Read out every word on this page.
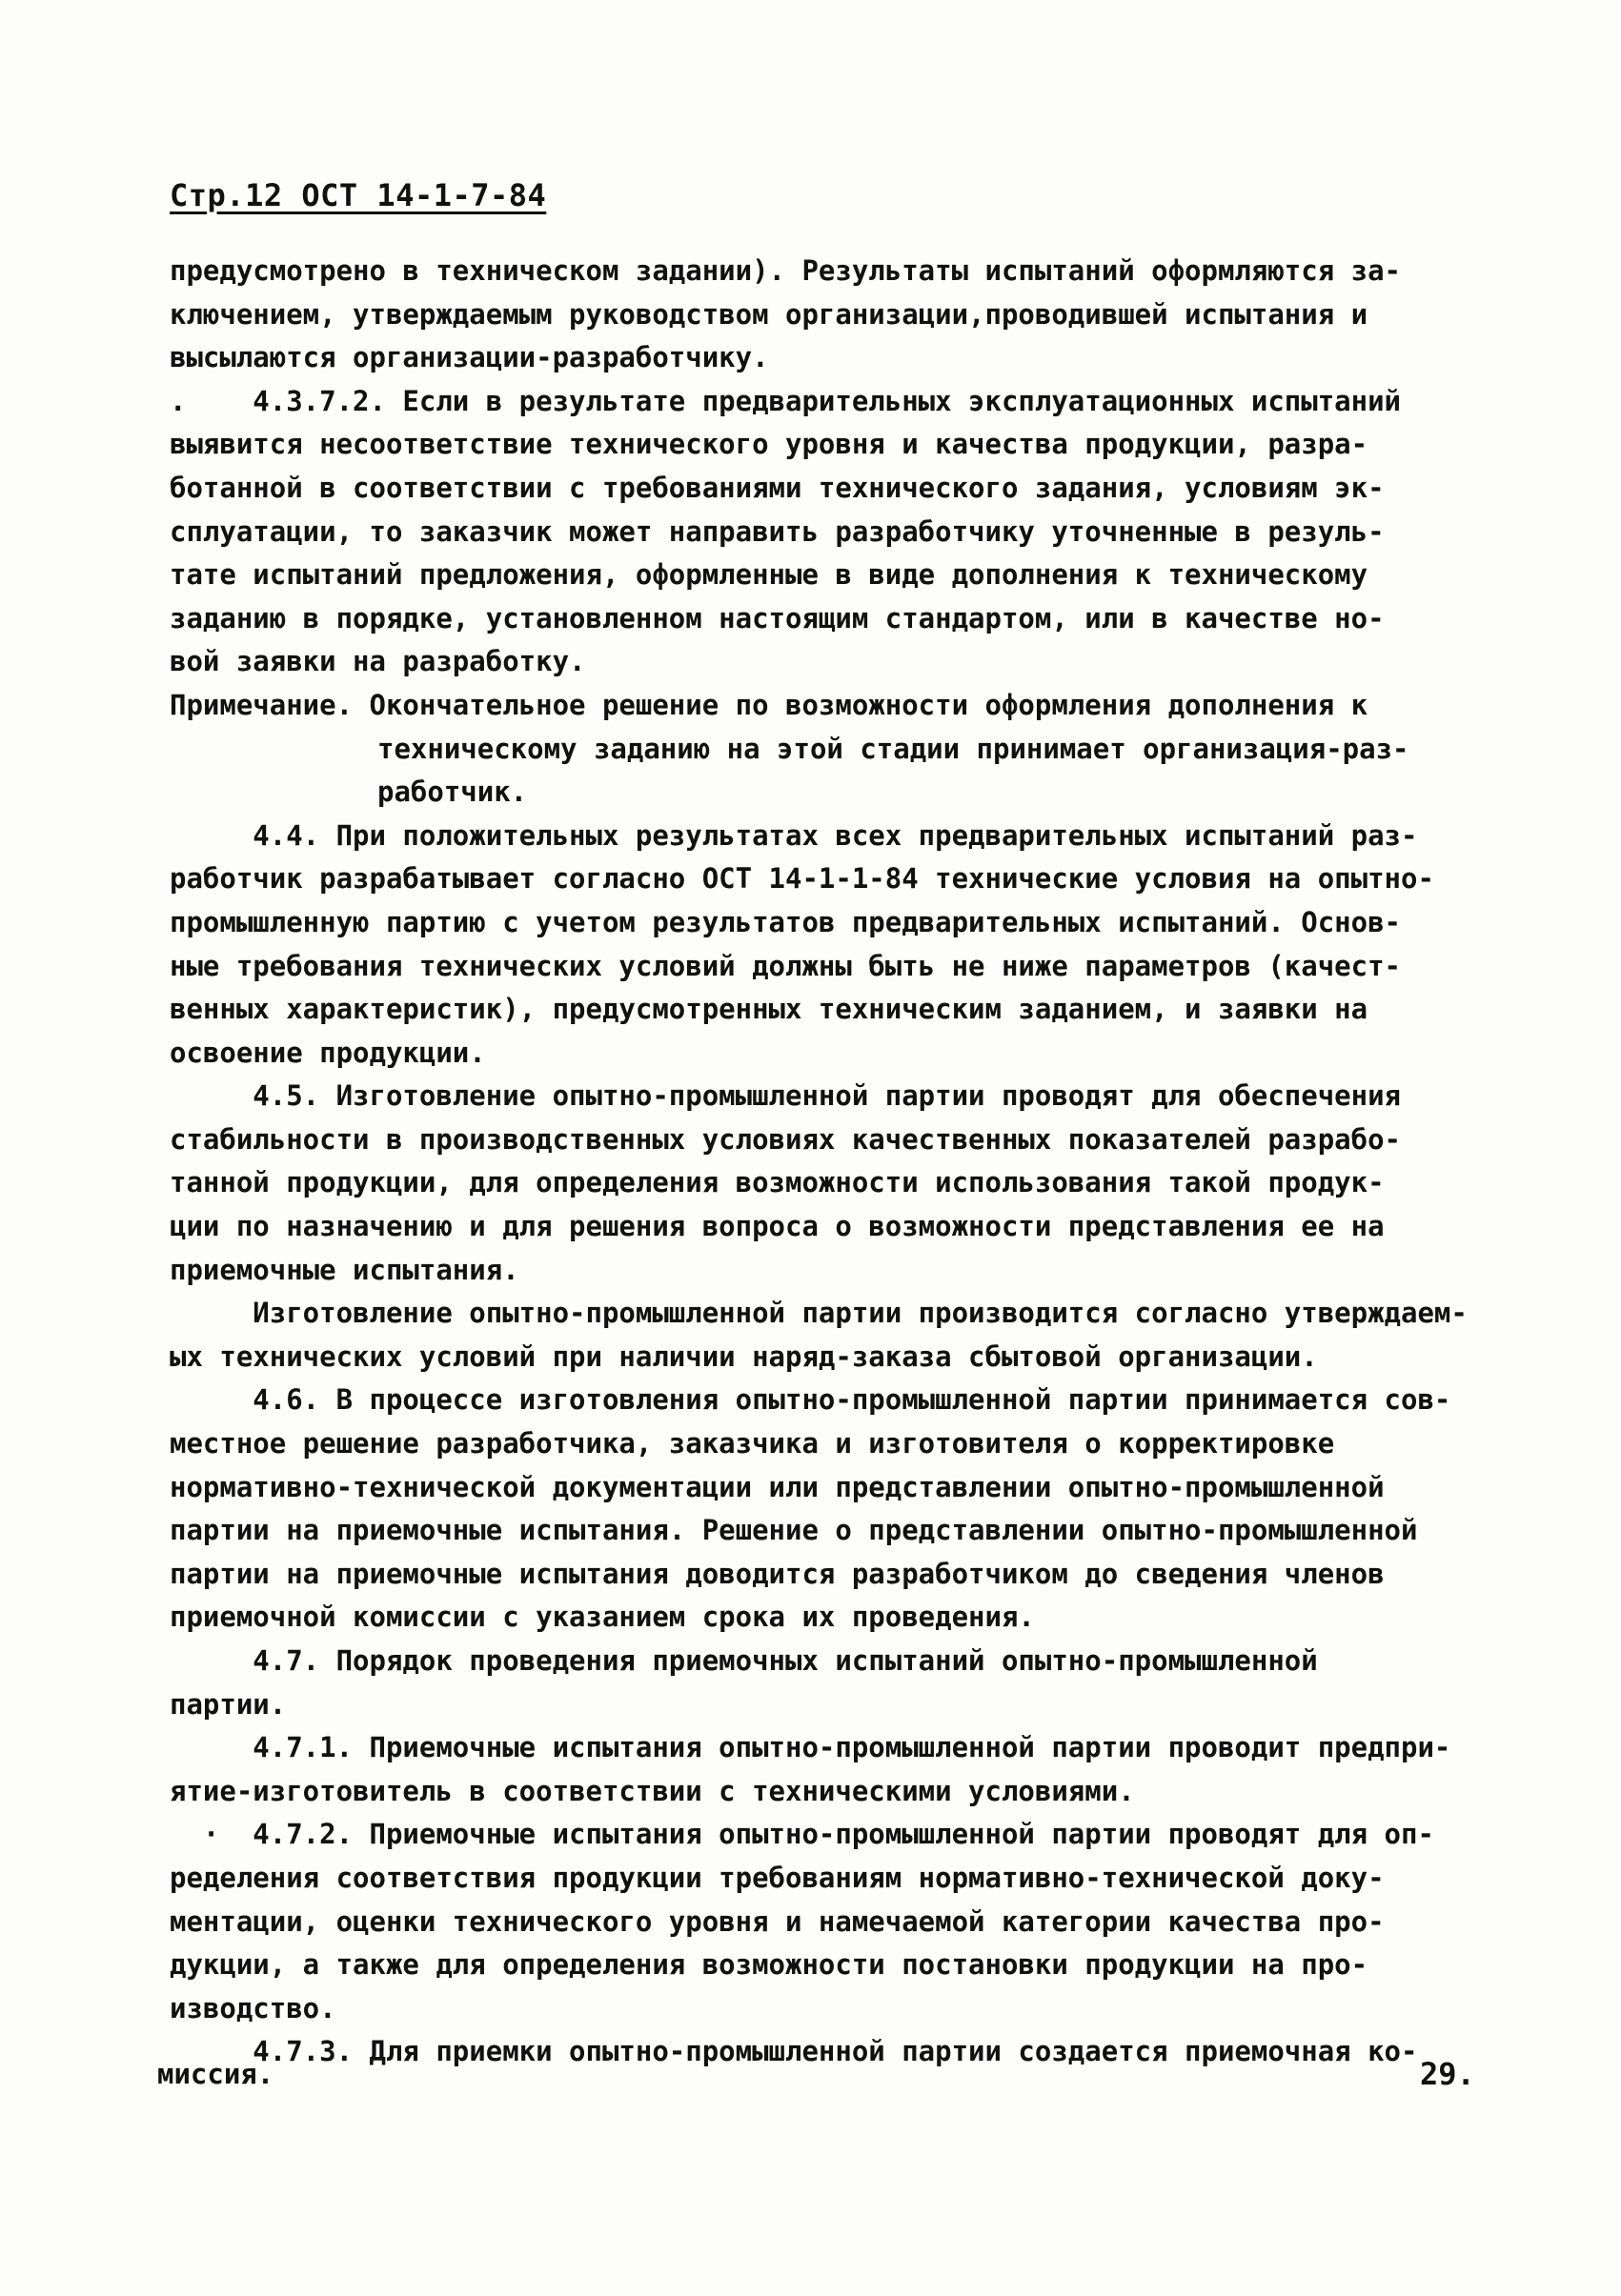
Стр.12 ОСТ 14-1-7-84
предусмотрено в техническом задании). Результаты испытаний оформляются за-
ключением, утверждаемым руководством организации,проводившей испытания и
высылаются организации-разработчику.
.    4.3.7.2. Если в результате предварительных эксплуатационных испытаний
выявится несоответствие технического уровня и качества продукции, разра-
ботанной в соответствии с требованиями технического задания, условиям эк-
сплуатации, то заказчик может направить разработчику уточненные в резуль-
тате испытаний предложения, оформленные в виде дополнения к техническому
заданию в порядке, установленном настоящим стандартом, или в качестве но-
вой заявки на разработку.
Примечание. Окончательное решение по возможности оформления дополнения к
техническому заданию на этой стадии принимает организация-раз-
работчик.
4.4. При положительных результатах всех предварительных испытаний раз-
работчик разрабатывает согласно ОСТ 14-1-1-84 технические условия на опытно-
промышленную партию с учетом результатов предварительных испытаний. Основ-
ные требования технических условий должны быть не ниже параметров (качест-
венных характеристик), предусмотренных техническим заданием, и заявки на
освоение продукции.
4.5. Изготовление опытно-промышленной партии проводят для обеспечения
стабильности в производственных условиях качественных показателей разрабо-
танной продукции, для определения возможности использования такой продук-
ции по назначению и для решения вопроса о возможности представления ее на
приемочные испытания.
Изготовление опытно-промышленной партии производится согласно утверждаем-
ых технических условий при наличии наряд-заказа сбытовой организации.
4.6. В процессе изготовления опытно-промышленной партии принимается сов-
местное решение разработчика, заказчика и изготовителя о корректировке
нормативно-технической документации или представлении опытно-промышленной
партии на приемочные испытания. Решение о представлении опытно-промышленной
партии на приемочные испытания доводится разработчиком до сведения членов
приемочной комиссии с указанием срока их проведения.
4.7. Порядок проведения приемочных испытаний опытно-промышленной
партии.
4.7.1. Приемочные испытания опытно-промышленной партии проводит предпри-
ятие-изготовитель в соответствии с техническими условиями.
·  4.7.2. Приемочные испытания опытно-промышленной партии проводят для оп-
ределения соответствия продукции требованиям нормативно-технической доку-
ментации, оценки технического уровня и намечаемой категории качества про-
дукции, а также для определения возможности постановки продукции на про-
изводство.
4.7.3. Для приемки опытно-промышленной партии создается приемочная ко-
миссия.	29.
